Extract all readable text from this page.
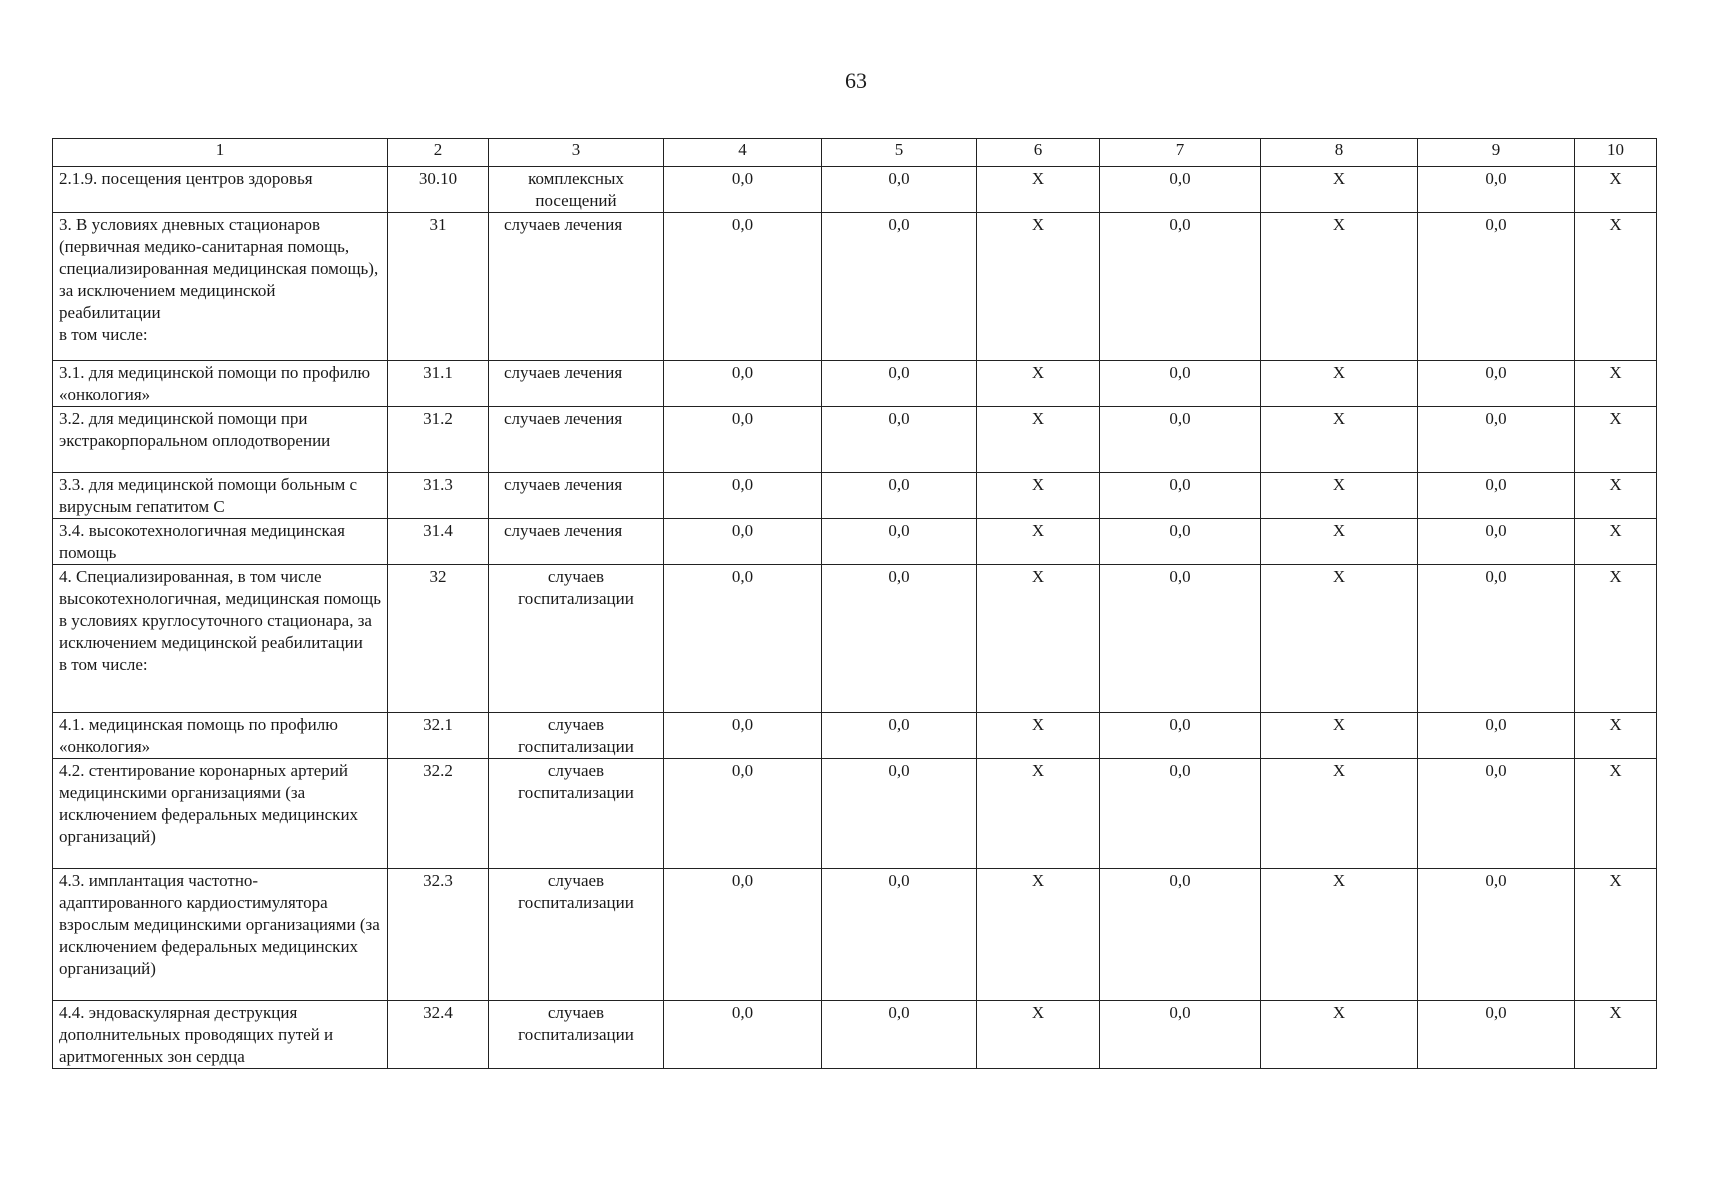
63
1	2	3	4	5	6	7	8	9	10
2.1.9. посещения центров здоровья	30.10	комплексных посещений	0,0	0,0	X	0,0	X	0,0	X
3. В условиях дневных стационаров (первичная медико-санитарная помощь, специализированная медицинская помощь), за исключением медицинской реабилитации
в том числе:	31	случаев лечения	0,0	0,0	X	0,0	X	0,0	X
3.1. для медицинской помощи по профилю «онкология»	31.1	случаев лечения	0,0	0,0	X	0,0	X	0,0	X
3.2. для медицинской помощи при экстракорпоральном оплодотворении	31.2	случаев лечения	0,0	0,0	X	0,0	X	0,0	X
3.3. для медицинской помощи больным с вирусным гепатитом С	31.3	случаев лечения	0,0	0,0	X	0,0	X	0,0	X
3.4. высокотехнологичная медицинская помощь	31.4	случаев лечения	0,0	0,0	X	0,0	X	0,0	X
4. Специализированная, в том числе высокотехнологичная, медицинская помощь в условиях круглосуточного стационара, за исключением медицинской реабилитации
в том числе:	32	случаев госпитализации	0,0	0,0	X	0,0	X	0,0	X
4.1. медицинская помощь по профилю «онкология»	32.1	случаев госпитализации	0,0	0,0	X	0,0	X	0,0	X
4.2. стентирование коронарных артерий медицинскими организациями (за исключением федеральных медицинских организаций)	32.2	случаев госпитализации	0,0	0,0	X	0,0	X	0,0	X
4.3. имплантация частотно-адаптированного кардиостимулятора взрослым медицинскими организациями (за исключением федеральных медицинских организаций)	32.3	случаев госпитализации	0,0	0,0	X	0,0	X	0,0	X
4.4. эндоваскулярная деструкция дополнительных проводящих путей и аритмогенных зон сердца	32.4	случаев госпитализации	0,0	0,0	X	0,0	X	0,0	X
